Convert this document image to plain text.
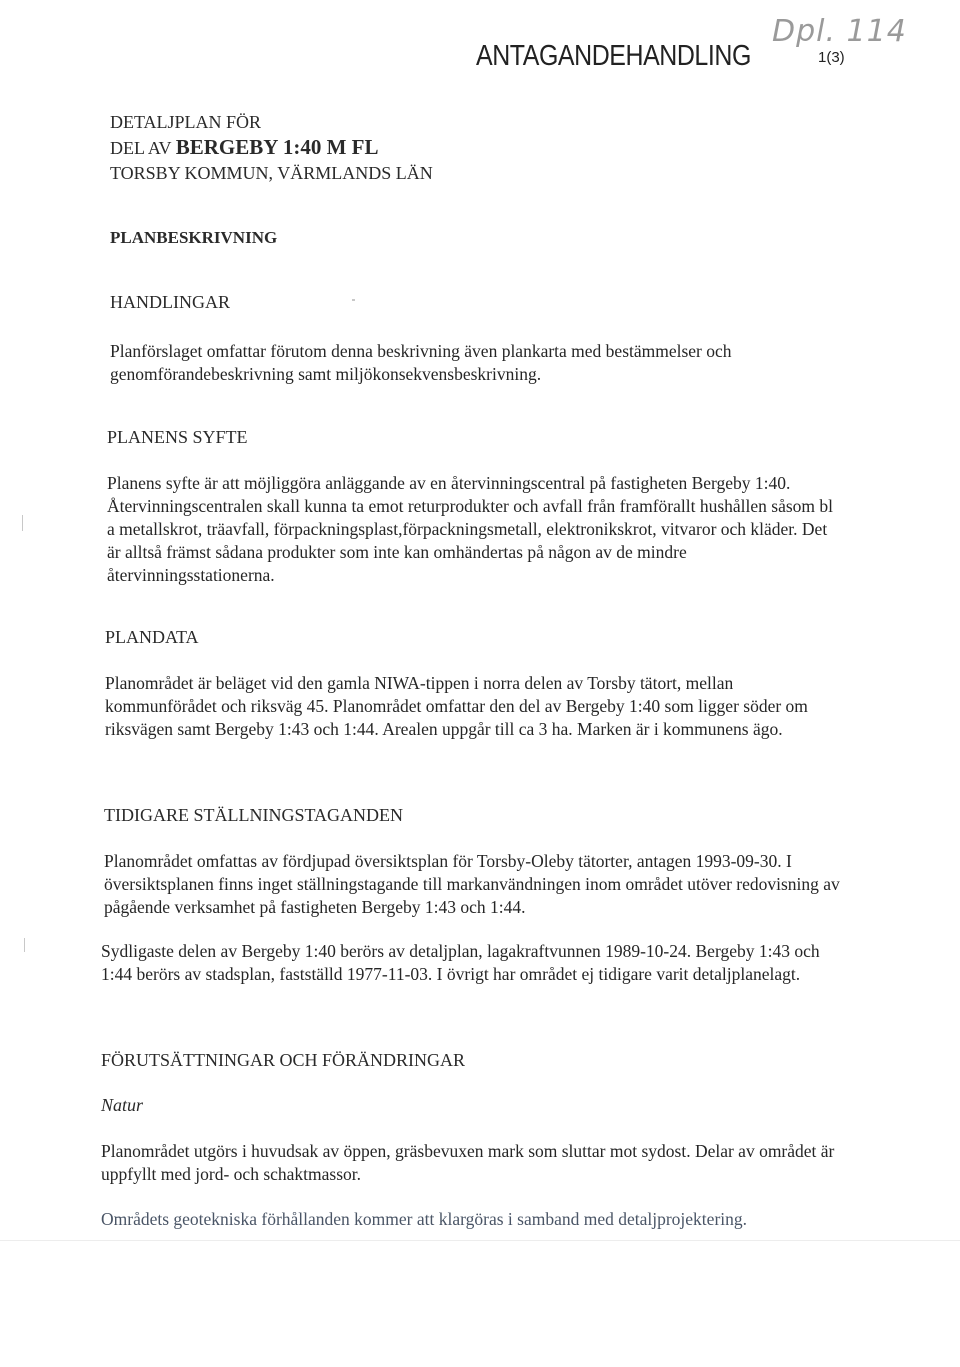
ANTAGANDEHANDLING
Dpl. 114
1(3)
DETALJPLAN FÖR
DEL AV BERGEBY 1:40 M FL
TORSBY KOMMUN, VÄRMLANDS LÄN
PLANBESKRIVNING
HANDLINGAR
Planförslaget omfattar förutom denna beskrivning även plankarta med bestämmelser och genomförandebeskrivning samt miljökonsekvensbeskrivning.
PLANENS SYFTE
Planens syfte är att möjliggöra anläggande av en återvinningscentral på fastigheten Bergeby 1:40. Återvinningscentralen skall kunna ta emot returprodukter och avfall från framförallt hushållen såsom bl a metallskrot, träavfall, förpackningsplast,förpackningsmetall, elektronikskrot, vitvaror och kläder. Det är alltså främst sådana produkter som inte kan omhändertas på någon av de mindre återvinningsstationerna.
PLANDATA
Planområdet är beläget vid den gamla NIWA-tippen i norra delen av Torsby tätort, mellan kommunförådet och riksväg 45. Planområdet omfattar den del av Bergeby 1:40 som ligger söder om riksvägen samt Bergeby 1:43 och 1:44. Arealen uppgår till ca 3 ha. Marken är i kommunens ägo.
TIDIGARE STÄLLNINGSTAGANDEN
Planområdet omfattas av fördjupad översiktsplan för Torsby-Oleby tätorter, antagen 1993-09-30. I översiktsplanen finns inget ställningstagande till markanvändningen inom området utöver redovisning av pågående verksamhet på fastigheten Bergeby 1:43 och 1:44.
Sydligaste delen av Bergeby 1:40 berörs av detaljplan, lagakraftvunnen 1989-10-24. Bergeby 1:43 och 1:44 berörs av stadsplan, fastställd 1977-11-03. I övrigt har området ej tidigare varit detaljplanelagt.
FÖRUTSÄTTNINGAR OCH FÖRÄNDRINGAR
Natur
Planområdet utgörs i huvudsak av öppen, gräsbevuxen mark som sluttar mot sydost. Delar av området är uppfyllt med jord- och schaktmassor.
Områdets geotekniska förhållanden kommer att klargöras i samband med detaljprojektering.
